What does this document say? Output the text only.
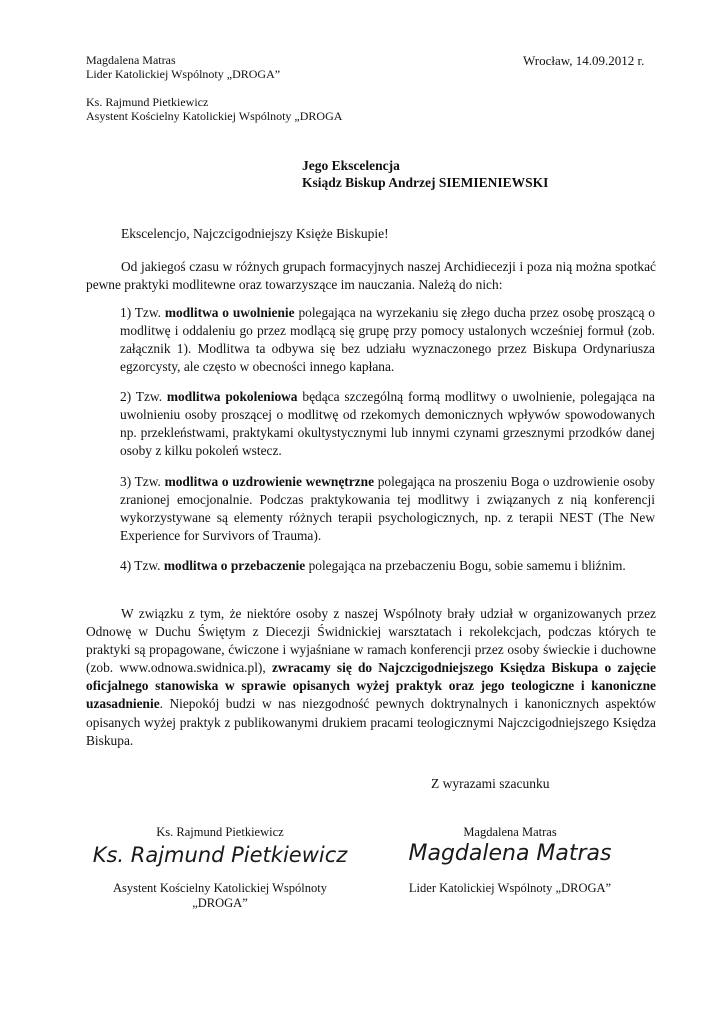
Magdalena Matras
Lider Katolickiej Wspólnoty „DROGA”
Ks. Rajmund Pietkiewicz
Asystent Kościelny Katolickiej Wspólnoty „DROGA
Wrocław, 14.09.2012 r.
Jego Ekscelencja
Ksiądz Biskup Andrzej SIEMIENIEWSKI
Ekscelencjo, Najczcigodniejszy Księże Biskupie!
Od jakiegoś czasu w różnych grupach formacyjnych naszej Archidiecezji i poza nią można spotkać pewne praktyki modlitewne oraz towarzyszące im nauczania. Należą do nich:
1) Tzw. modlitwa o uwolnienie polegająca na wyrzekaniu się złego ducha przez osobę proszącą o modlitwę i oddaleniu go przez modlącą się grupę przy pomocy ustalonych wcześniej formuł (zob. załącznik 1). Modlitwa ta odbywa się bez udziału wyznaczonego przez Biskupa Ordynariusza egzorcysty, ale często w obecności innego kapłana.
2) Tzw. modlitwa pokoleniowa będąca szczególną formą modlitwy o uwolnienie, polegająca na uwolnieniu osoby proszącej o modlitwę od rzekomych demonicznych wpływów spowodowanych np. przekleństwami, praktykami okultystycznymi lub innymi czynami grzesznymi przodków danej osoby z kilku pokoleń wstecz.
3) Tzw. modlitwa o uzdrowienie wewnętrzne polegająca na proszeniu Boga o uzdrowienie osoby zranionej emocjonalnie. Podczas praktykowania tej modlitwy i związanych z nią konferencji wykorzystywane są elementy różnych terapii psychologicznych, np. z terapii NEST (The New Experience for Survivors of Trauma).
4) Tzw. modlitwa o przebaczenie polegająca na przebaczeniu Bogu, sobie samemu i bliźnim.
W związku z tym, że niektóre osoby z naszej Wspólnoty brały udział w organizowanych przez Odnowę w Duchu Świętym z Diecezji Świdnickiej warsztatach i rekolekcjach, podczas których te praktyki są propagowane, ćwiczone i wyjaśniane w ramach konferencji przez osoby świeckie i duchowne (zob. www.odnowa.swidnica.pl), zwracamy się do Najczcigodniejszego Księdza Biskupa o zajęcie oficjalnego stanowiska w sprawie opisanych wyżej praktyk oraz jego teologiczne i kanoniczne uzasadnienie. Niepokój budzi w nas niezgodność pewnych doktrynalnych i kanonicznych aspektów opisanych wyżej praktyk z publikowanymi drukiem pracami teologicznymi Najczcigodniejszego Księdza Biskupa.
Z wyrazami szacunku
Ks. Rajmund Pietkiewicz
Ks. Rajmund Pietkiewicz
Asystent Kościelny Katolickiej Wspólnoty
„DROGA”
Magdalena Matras
Magdalena Matras
Lider Katolickiej Wspólnoty „DROGA”
